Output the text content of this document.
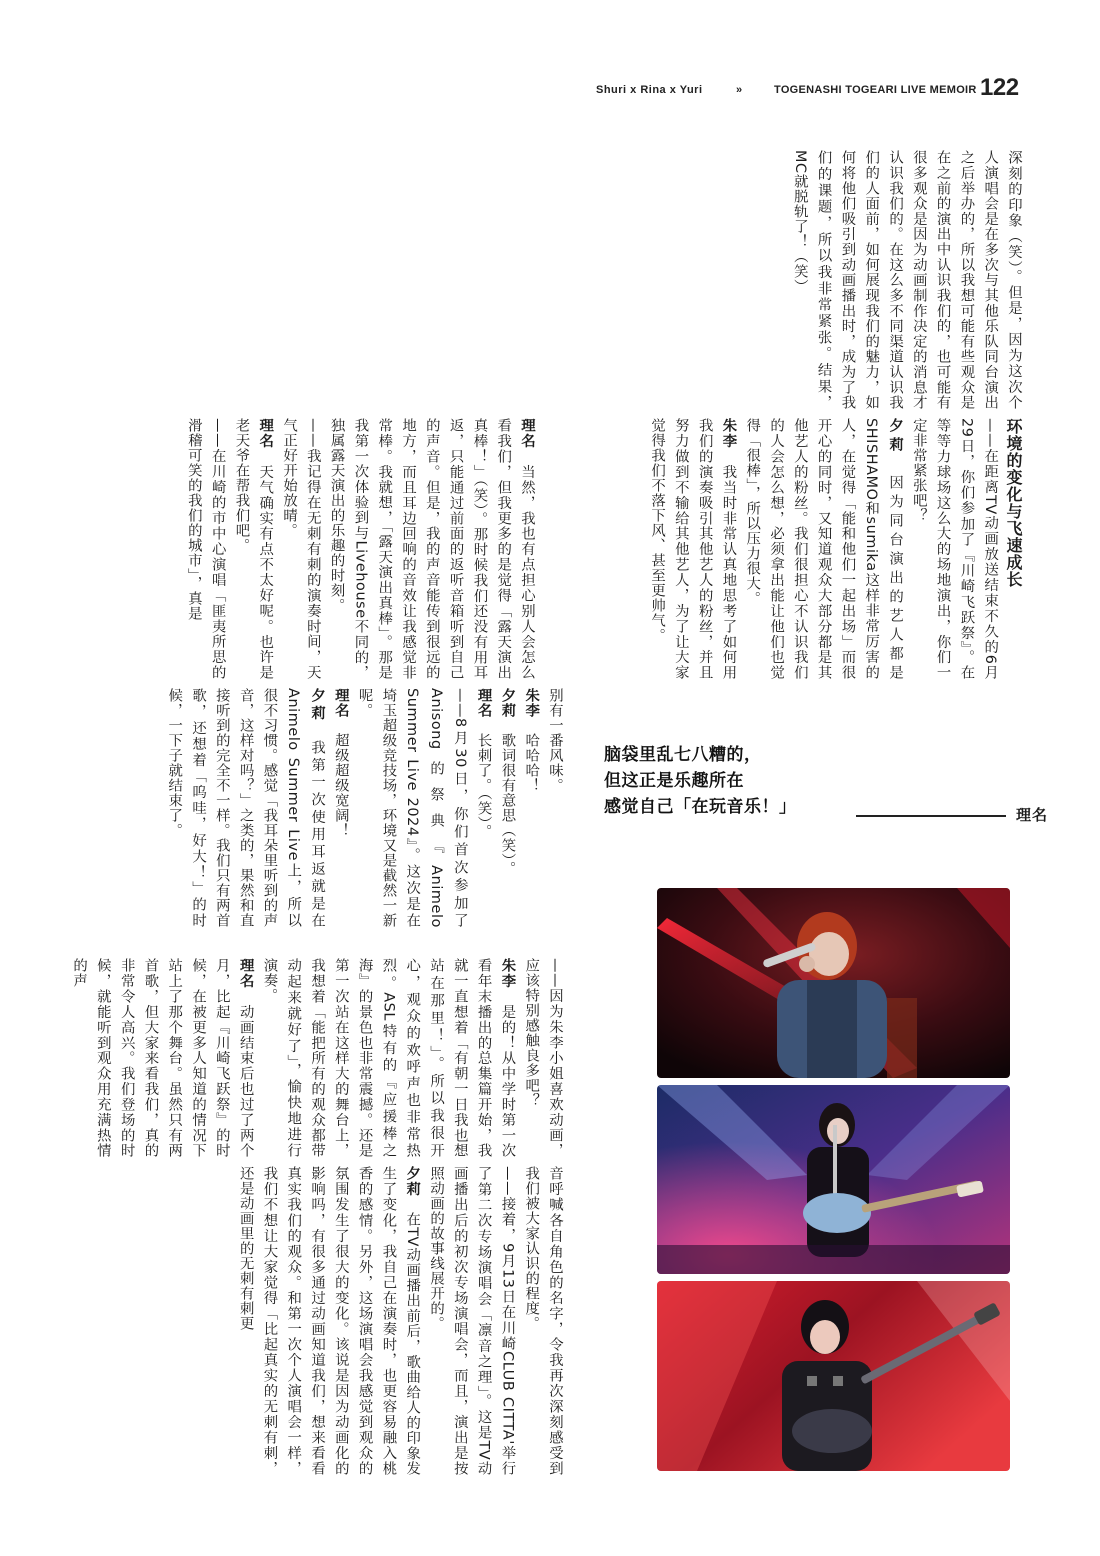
Shuri x Rina x Yuri	»	TOGENASHI TOGEARI LIVE MEMOIR 122

深刻的印象（笑）。但是，因为这次个人演唱会是在多次与其他乐队同台演出之后举办的，所以我想可能有些观众是在之前的演出中认识我们的，也可能有很多观众是因为动画制作决定的消息才认识我们的。在这么多不同渠道认识我们的人面前，如何展现我们的魅力，如何将他们吸引到动画播出时，成为了我们的课题，所以我非常紧张。结果，MC就脱轨了！（笑）

环境的变化与飞速成长

——在距离TV动画放送结束不久的6月29日，你们参加了『川崎飞跃祭』。在等等力球场这么大的场地演出，你们一定非常紧张吧？

夕莉　因为同台演出的艺人都是SHISHAMO和sumika这样非常厉害的人，在觉得「能和他们一起出场」而很开心的同时，又知道观众大部分都是其他艺人的粉丝。我们很担心不认识我们的人会怎么想，必须拿出能让他们也觉得「很棒」，所以压力很大。

朱李　我当时非常认真地思考了如何用我们的演奏吸引其他艺人的粉丝，并且努力做到不输给其他艺人，为了让大家觉得我们不落下风、甚至更帅气。

理名　当然，我也有点担心别人会怎么看我们，但我更多的是觉得「露天演出真棒！」（笑）。那时候我们还没有用耳返，只能通过前面的返听音箱听到自己的声音。但是，我的声音能传到很远的地方，而且耳边回响的音效让我感觉非常棒。我就想，「露天演出真棒」。那是我第一次体验到与Livehouse不同的，独属露天演出的乐趣的时刻。

——我记得在无刺有刺的演奏时间，天气正好开始放晴。

理名　天气确实有点不太好呢。也许是老天爷在帮我们吧。

——在川崎的市中心演唱「匪夷所思的滑稽可笑的我们的城市」，真是

别有一番风味。

朱李　哈哈哈！

夕莉　歌词很有意思（笑）。

理名　长刺了。（笑）。

——8月30日，你们首次参加了Anisong的祭典『Animelo Summer Live 2024』。这次是在埼玉超级竞技场，环境又是截然一新呢。

理名　超级超级宽阔！

夕莉　我第一次使用耳返就是在Animelo Summer Live上，所以很不习惯。感觉「我耳朵里听到的声音，这样对吗？」之类的，果然和直接听到的完全不一样。我们只有两首歌，还想着「呜哇，好大！」的时候，一下子就结束了。

——因为朱李小姐喜欢动画，应该特别感触良多吧？

朱李　是的！从中学时第一次看年末播出的总集篇开始，我就一直想着「有朝一日我也想站在那里！」。所以我很开心，观众的欢呼声也非常热烈。ASL特有的『应援棒之海』的景色也非常震撼。还是第一次站在这样大的舞台上，我想着「能把所有的观众都带动起来就好了」，愉快地进行演奏。

理名　动画结束后也过了两个月，比起『川崎飞跃祭』的时候，在被更多人知道的情况下站上了那个舞台。虽然只有两首歌，但大家来看我们，真的非常令人高兴。我们登场的时候，就能听到观众用充满热情的声

音呼喊各自角色的名字，令我再次深刻感受到我们被大家认识的程度。

——接着，9月13日在川崎CLUB CITTA'举行了第二次专场演唱会「凛音之理」。这是TV动画播出后的初次专场演唱会，而且，演出是按照动画的故事线展开的。

夕莉　在TV动画播出前后，歌曲给人的印象发生了变化，我自己在演奏时，也更容易融入桃香的感情。另外，这场演唱会我感觉到观众的氛围发生了很大的变化。该说是因为动画化的影响吗，有很多通过动画知道我们，想来看看真实我们的观众。和第一次个人演唱会一样，我们不想让大家觉得「比起真实的无刺有刺，还是动画里的无刺有刺更

脑袋里乱七八糟的，

但这正是乐趣所在

感觉自己「在玩音乐！」	理名
